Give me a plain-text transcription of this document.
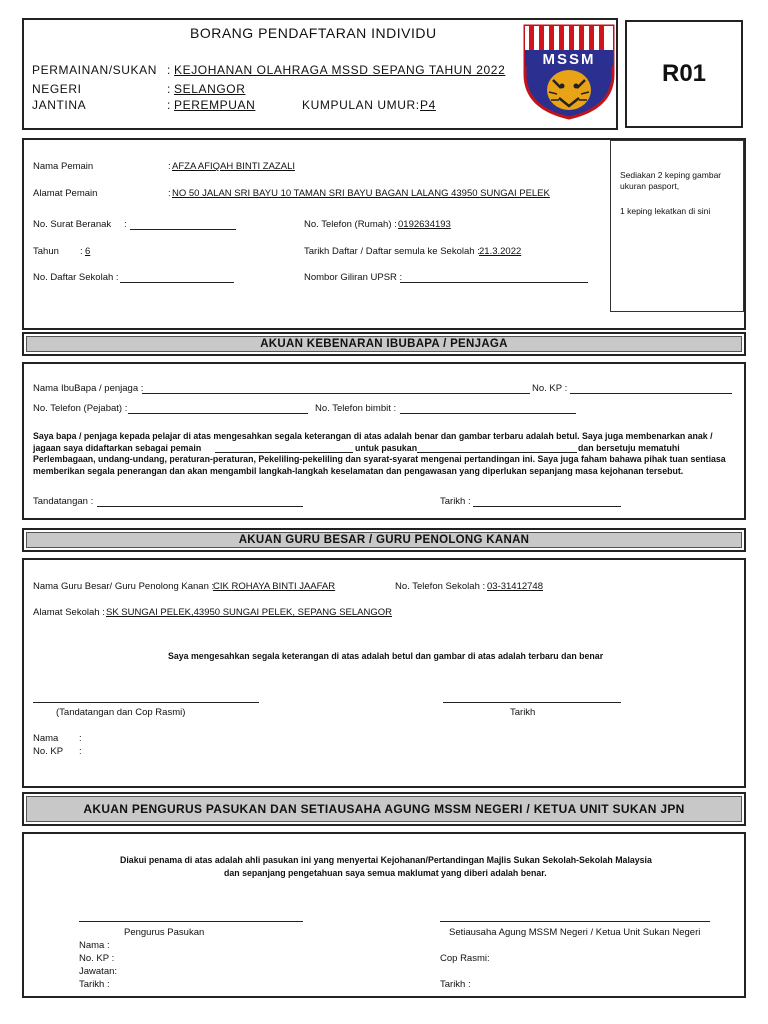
BORANG PENDAFTARAN INDIVIDU
PERMAINAN/SUKAN : KEJOHANAN OLAHRAGA MSSD SEPANG TAHUN 2022
NEGERI	: SELANGOR
JANTINA	: PEREMPUAN	KUMPULAN UMUR: P4
MSSM
R01
Sediakan 2 keping gambar ukuran pasport,
1 keping lekatkan di sini
Nama Pemain	: AFZA AFIQAH BINTI ZAZALI
Alamat Pemain	: NO 50 JALAN SRI BAYU 10 TAMAN SRI BAYU BAGAN LALANG 43950 SUNGAI PELEK
No. Surat Beranak :	No. Telefon (Rumah) : 0192634193
Tahun : 6	Tarikh Daftar / Daftar semula ke Sekolah : 21.3.2022
No. Daftar Sekolah :	Nombor Giliran UPSR :
AKUAN KEBENARAN IBUBAPA / PENJAGA
Nama IbuBapa / penjaga :	No. KP :
No. Telefon (Pejabat) :	No. Telefon bimbit :
Saya bapa / penjaga kepada pelajar di atas mengesahkan segala keterangan di atas adalah benar dan gambar terbaru adalah betul. Saya juga membenarkan anak /
jagaan saya didaftarkan sebagai pemain	untuk pasukan	dan bersetuju mematuhi
Perlembagaan, undang-undang, peraturan-peraturan, Pekeliling-pekeliling dan syarat-syarat mengenai pertandingan ini. Saya juga faham bahawa pihak tuan sentiasa
memberikan segala penerangan dan akan mengambil langkah-langkah keselamatan dan pengawasan yang diperlukan sepanjang masa kejohanan tersebut.
Tandatangan :	Tarikh :
AKUAN GURU BESAR / GURU PENOLONG KANAN
Nama Guru Besar/ Guru Penolong Kanan :
CIK ROHAYA BINTI JAAFAR	No. Telefon Sekolah : 03-31412748
Alamat Sekolah : SK SUNGAI PELEK,43950 SUNGAI PELEK, SEPANG SELANGOR
Saya mengesahkan segala keterangan di atas adalah betul dan gambar di atas adalah terbaru dan benar
(Tandatangan dan Cop Rasmi)	Tarikh
Nama :
No. KP :
AKUAN PENGURUS PASUKAN DAN SETIAUSAHA AGUNG MSSM NEGERI / KETUA UNIT SUKAN JPN
Diakui penama di atas adalah ahli pasukan ini yang menyertai Kejohanan/Pertandingan Majlis Sukan Sekolah-Sekolah Malaysia
dan sepanjang pengetahuan saya semua maklumat yang diberi adalah benar.
Pengurus Pasukan	Setiausaha Agung MSSM Negeri / Ketua Unit Sukan Negeri
Nama :
No. KP :
Jawatan:
Tarikh :
Cop Rasmi:
Tarikh :
